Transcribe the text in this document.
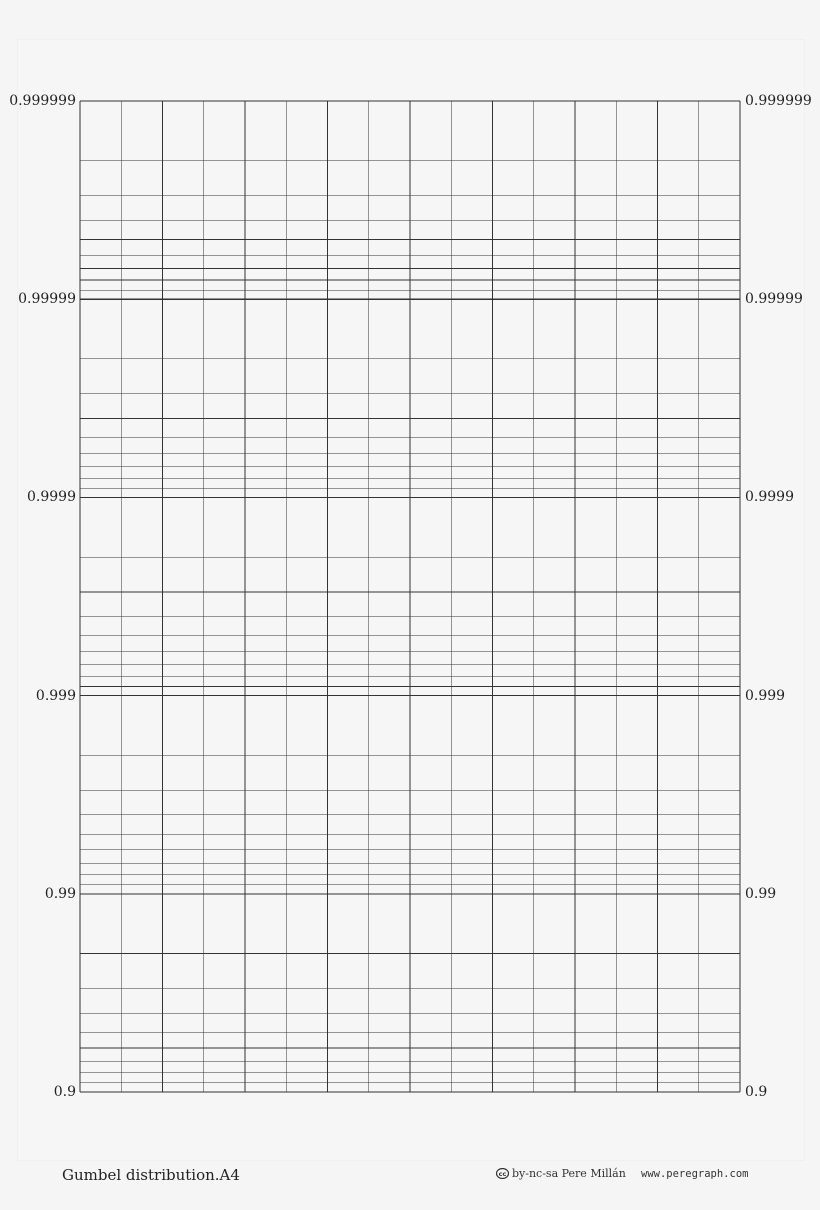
0.9	0.9
0.99	0.99
0.999	0.999
0.9999	0.9999
0.99999	0.99999
0.999999	0.999999
Gumbel distribution.A4	cc by-nc-sa Pere Millán www.peregraph.com
